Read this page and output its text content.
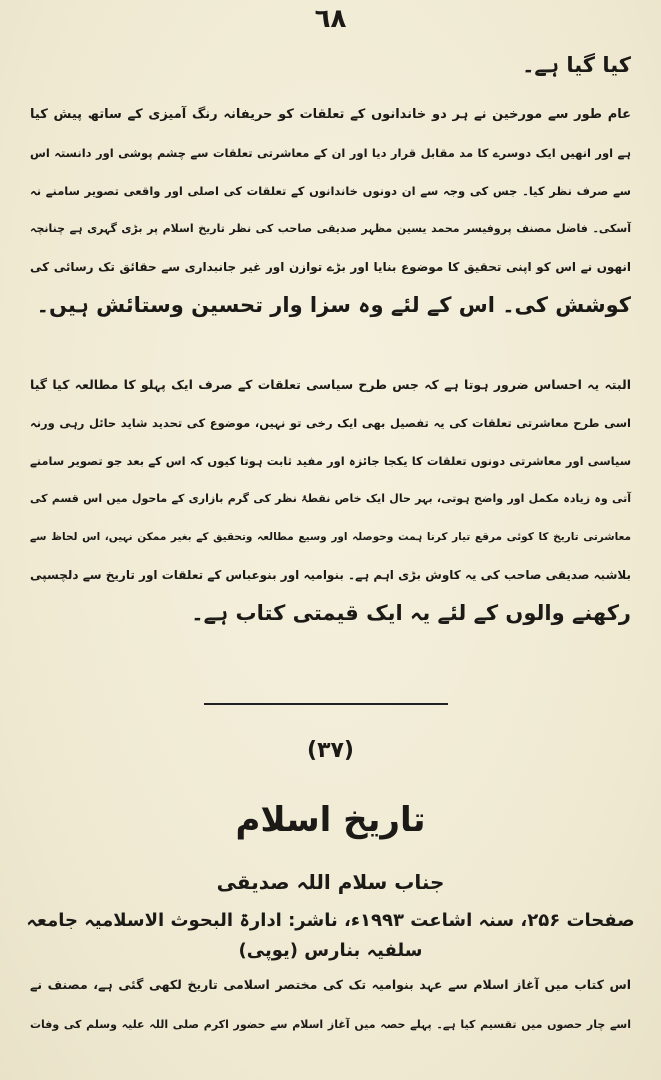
٦٨
کیا گیا ہے۔
عام طور سے مورخین نے ہر دو خاندانوں کے تعلقات کو حریفانہ رنگ آمیزی کے ساتھ پیش کیا
ہے اور انھیں ایک دوسرے کا مد مقابل قرار دیا اور ان کے معاشرتی تعلقات سے چشم پوشی اور دانستہ اس
سے صرف نظر کیا۔ جس کی وجہ سے ان دونوں خاندانوں کے تعلقات کی اصلی اور واقعی تصویر سامنے نہ
آسکی۔ فاضل مصنف پروفیسر محمد یسین مظہر صدیقی صاحب کی نظر تاریخ اسلام پر بڑی گہری ہے چنانچہ
انھوں نے اس کو اپنی تحقیق کا موضوع بنایا اور بڑے توازن اور غیر جانبداری سے حقائق تک رسائی کی
کوشش کی۔ اس کے لئے وہ سزا وار تحسین وستائش ہیں۔
البتہ یہ احساس ضرور ہوتا ہے کہ جس طرح سیاسی تعلقات کے صرف ایک پہلو کا مطالعہ کیا گیا
اسی طرح معاشرتی تعلقات کی یہ تفصیل بھی ایک رخی تو نہیں، موضوع کی تحدید شاید حائل رہی ورنہ
سیاسی اور معاشرتی دونوں تعلقات کا یکجا جائزہ اور مفید ثابت ہوتا کیوں کہ اس کے بعد جو تصویر سامنے
آتی وہ زیادہ مکمل اور واضح ہوتی، بہر حال ایک خاص نقطۂ نظر کی گرم بازاری کے ماحول میں اس قسم کی
معاشرتی تاریخ کا کوئی مرقع تیار کرنا ہمت وحوصلہ اور وسیع مطالعہ وتحقیق کے بغیر ممکن نہیں، اس لحاظ سے
بلاشبہ صدیقی صاحب کی یہ کاوش بڑی اہم ہے۔ بنوامیہ اور بنوعباس کے تعلقات اور تاریخ سے دلچسپی
رکھنے والوں کے لئے یہ ایک قیمتی کتاب ہے۔
(۳۷)
تاریخ اسلام
جناب سلام اللہ صدیقی
صفحات ۲۵۶، سنہ اشاعت ۱۹۹۳ء، ناشر: ادارۃ البحوث الاسلامیہ جامعہ سلفیہ بنارس (یوپی)
اس کتاب میں آغاز اسلام سے عہد بنوامیہ تک کی مختصر اسلامی تاریخ لکھی گئی ہے، مصنف نے
اسے چار حصوں میں تقسیم کیا ہے۔ پہلے حصہ میں آغاز اسلام سے حضور اکرم صلی اللہ علیہ وسلم کی وفات
